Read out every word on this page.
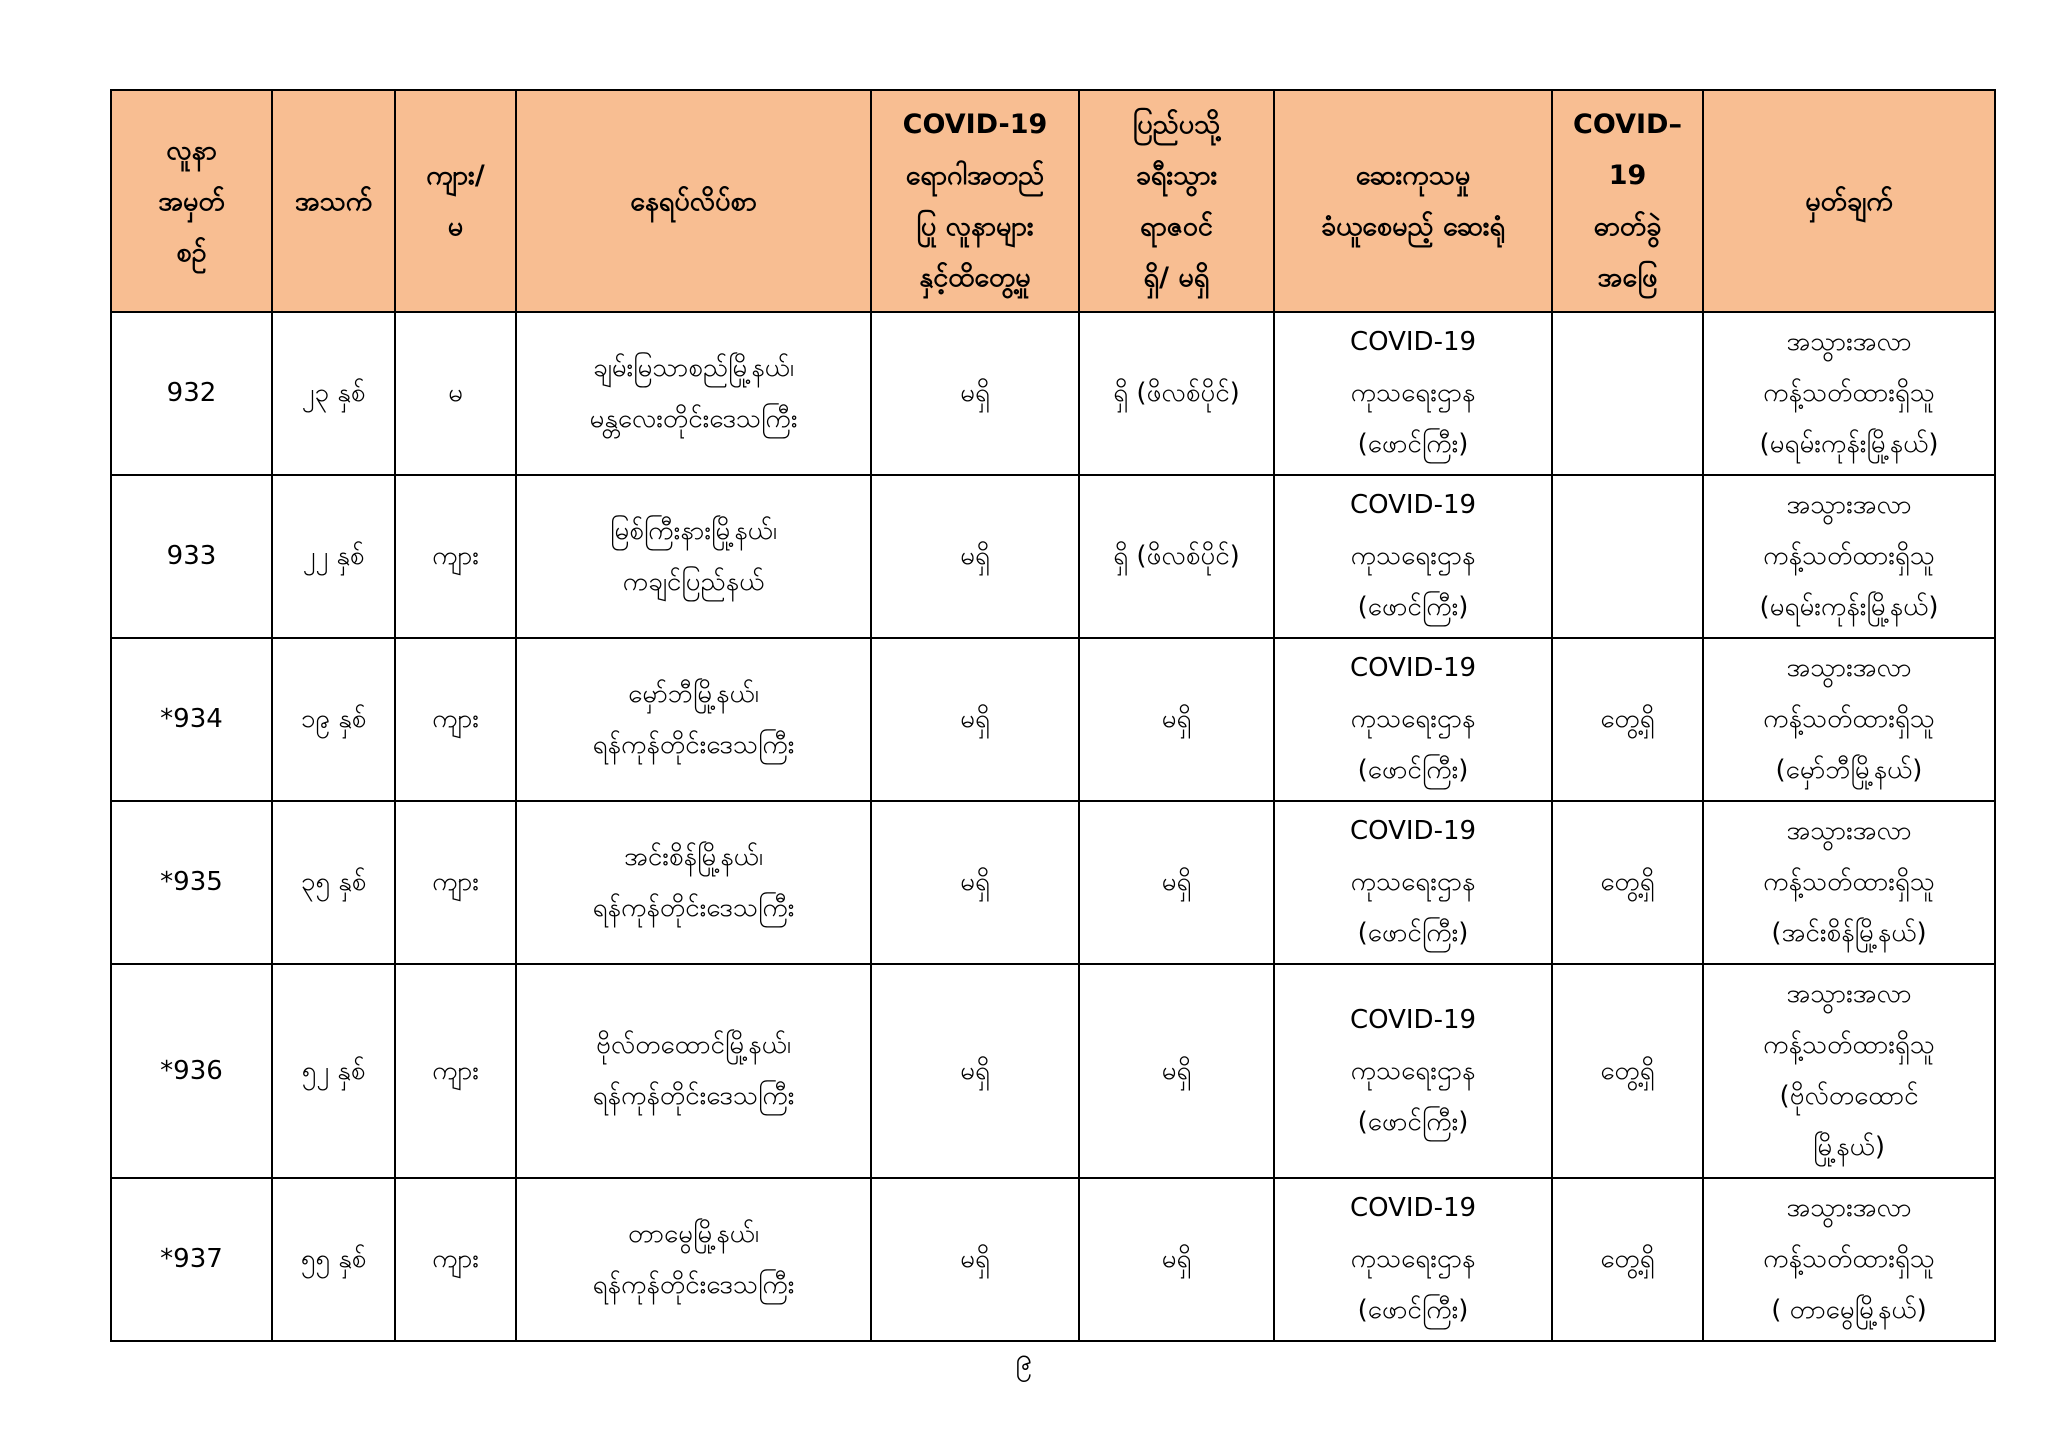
လူနာ
အမှတ်
စဉ်	အသက်	ကျား/
မ	နေရပ်လိပ်စာ	COVID-19
ရောဂါအတည်
ပြု လူနာများ
နှင့်ထိတွေ့မှု	ပြည်ပသို့
ခရီးသွား
ရာဇဝင်
ရှိ/ မရှိ	ဆေးကုသမှု
ခံယူစေမည့် ဆေးရုံ	COVID–
19
ဓာတ်ခွဲ
အဖြေ	မှတ်ချက်
932	၂၃ နှစ်	မ	ချမ်းမြသာစည်မြို့နယ်၊
မန္တလေးတိုင်းဒေသကြီး	မရှိ	ရှိ (ဖိလစ်ပိုင်)	COVID-19
ကုသရေးဌာန
(ဖောင်ကြီး)		အသွားအလာ
ကန့်သတ်ထားရှိသူ
(မရမ်းကုန်းမြို့နယ်)
933	၂၂ နှစ်	ကျား	မြစ်ကြီးနားမြို့နယ်၊
ကချင်ပြည်နယ်	မရှိ	ရှိ (ဖိလစ်ပိုင်)	COVID-19
ကုသရေးဌာန
(ဖောင်ကြီး)		အသွားအလာ
ကန့်သတ်ထားရှိသူ
(မရမ်းကုန်းမြို့နယ်)
*934	၁၉ နှစ်	ကျား	မှော်ဘီမြို့နယ်၊
ရန်ကုန်တိုင်းဒေသကြီး	မရှိ	မရှိ	COVID-19
ကုသရေးဌာန
(ဖောင်ကြီး)	တွေ့ရှိ	အသွားအလာ
ကန့်သတ်ထားရှိသူ
(မှော်ဘီမြို့နယ်)
*935	၃၅ နှစ်	ကျား	အင်းစိန်မြို့နယ်၊
ရန်ကုန်တိုင်းဒေသကြီး	မရှိ	မရှိ	COVID-19
ကုသရေးဌာန
(ဖောင်ကြီး)	တွေ့ရှိ	အသွားအလာ
ကန့်သတ်ထားရှိသူ
(အင်းစိန်မြို့နယ်)
*936	၅၂ နှစ်	ကျား	ဗိုလ်တထောင်မြို့နယ်၊
ရန်ကုန်တိုင်းဒေသကြီး	မရှိ	မရှိ	COVID-19
ကုသရေးဌာန
(ဖောင်ကြီး)	တွေ့ရှိ	အသွားအလာ
ကန့်သတ်ထားရှိသူ
(ဗိုလ်တထောင်
မြို့နယ်)
*937	၅၅ နှစ်	ကျား	တာမွေမြို့နယ်၊
ရန်ကုန်တိုင်းဒေသကြီး	မရှိ	မရှိ	COVID-19
ကုသရေးဌာန
(ဖောင်ကြီး)	တွေ့ရှိ	အသွားအလာ
ကန့်သတ်ထားရှိသူ
( တာမွေမြို့နယ်)
၉
